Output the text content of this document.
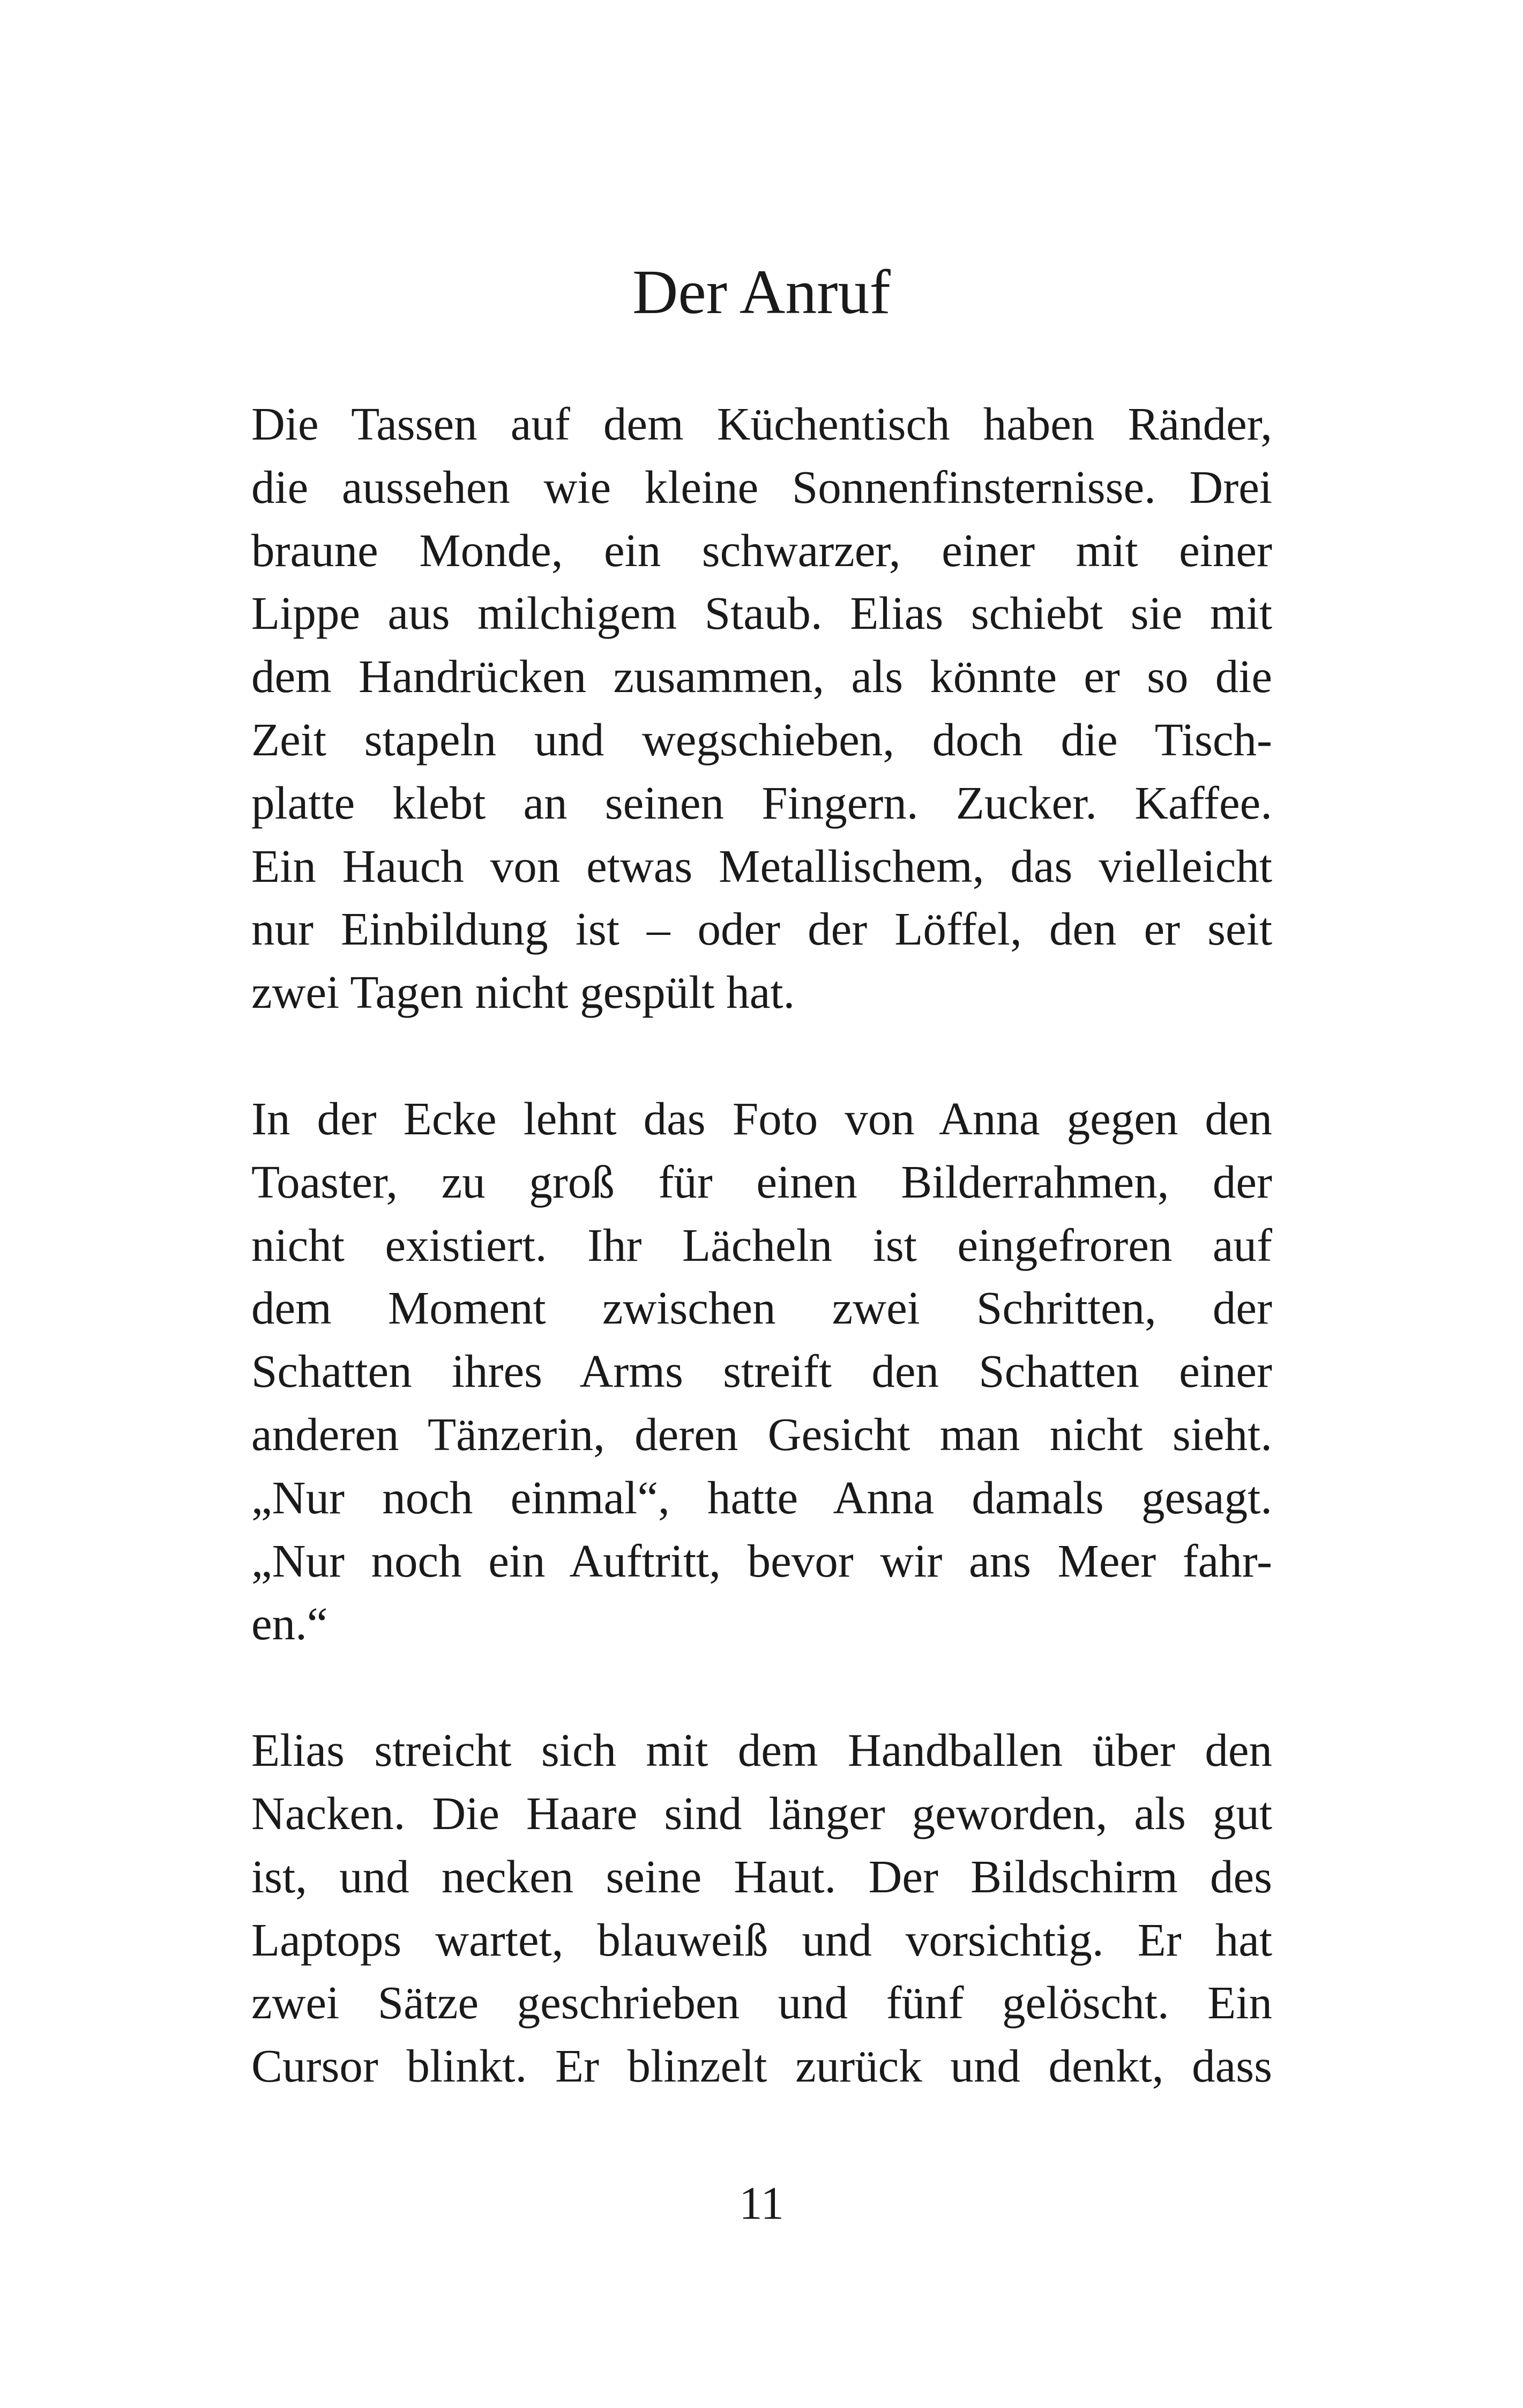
Der Anruf

Die Tassen auf dem Küchentisch haben Ränder,
die aussehen wie kleine Sonnenfinsternisse. Drei
braune Monde, ein schwarzer, einer mit einer
Lippe aus milchigem Staub. Elias schiebt sie mit
dem Handrücken zusammen, als könnte er so die
Zeit stapeln und wegschieben, doch die Tisch-
platte klebt an seinen Fingern. Zucker. Kaffee.
Ein Hauch von etwas Metallischem, das vielleicht
nur Einbildung ist – oder der Löffel, den er seit
zwei Tagen nicht gespült hat.

In der Ecke lehnt das Foto von Anna gegen den
Toaster, zu groß für einen Bilderrahmen, der
nicht existiert. Ihr Lächeln ist eingefroren auf
dem Moment zwischen zwei Schritten, der
Schatten ihres Arms streift den Schatten einer
anderen Tänzerin, deren Gesicht man nicht sieht.
„Nur noch einmal“, hatte Anna damals gesagt.
„Nur noch ein Auftritt, bevor wir ans Meer fahr-
en.“

Elias streicht sich mit dem Handballen über den
Nacken. Die Haare sind länger geworden, als gut
ist, und necken seine Haut. Der Bildschirm des
Laptops wartet, blauweiß und vorsichtig. Er hat
zwei Sätze geschrieben und fünf gelöscht. Ein
Cursor blinkt. Er blinzelt zurück und denkt, dass

11
